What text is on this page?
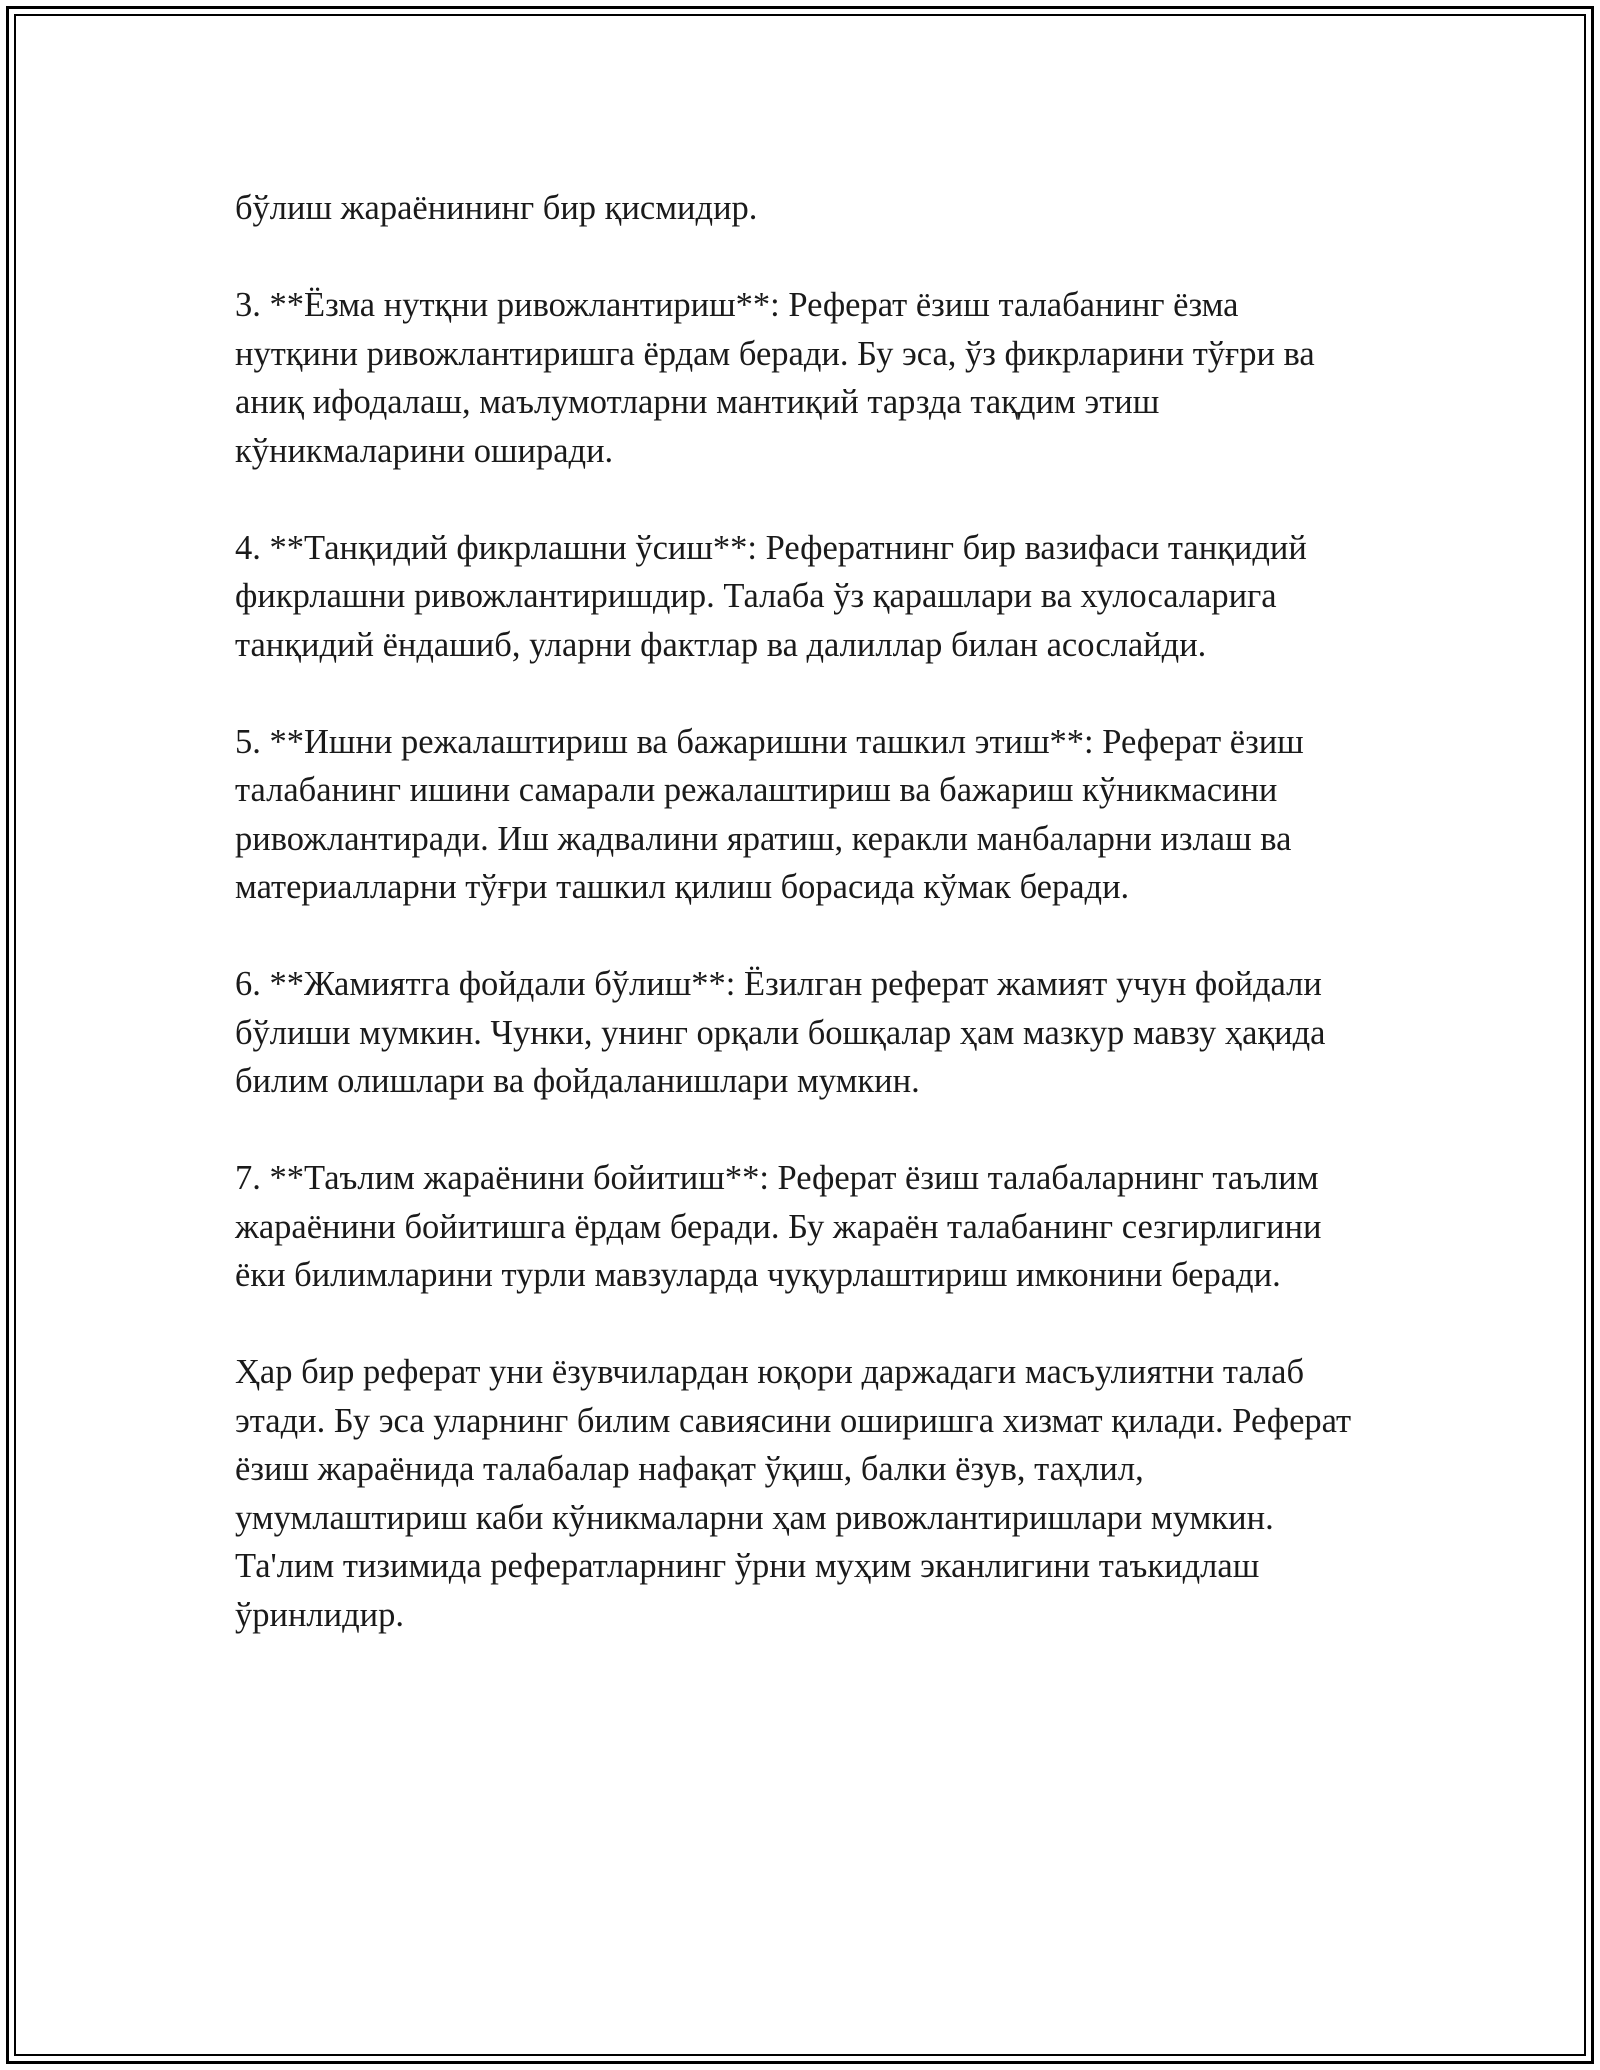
бўлиш жараёнининг бир қисмидир.

3. **Ёзма нутқни ривожлантириш**: Реферат ёзиш талабанинг ёзма нутқини ривожлантиришга ёрдам беради. Бу эса, ўз фикрларини тўғри ва аниқ ифодалаш, маълумотларни мантиқий тарзда тақдим этиш кўникмаларини оширади.

4. **Танқидий фикрлашни ўсиш**: Рефератнинг бир вазифаси танқидий фикрлашни ривожлантиришдир. Талаба ўз қарашлари ва хулосаларига танқидий ёндашиб, уларни фактлар ва далиллар билан асослайди.

5. **Ишни режалаштириш ва бажаришни ташкил этиш**: Реферат ёзиш талабанинг ишини самарали режалаштириш ва бажариш кўникмасини ривожлантиради. Иш жадвалини яратиш, керакли манбаларни излаш ва материалларни тўғри ташкил қилиш борасида кўмак беради.

6. **Жамиятга фойдали бўлиш**: Ёзилган реферат жамият учун фойдали бўлиши мумкин. Чунки, унинг орқали бошқалар ҳам мазкур мавзу ҳақида билим олишлари ва фойдаланишлари мумкин.

7. **Таълим жараёнини бойитиш**: Реферат ёзиш талабаларнинг таълим жараёнини бойитишга ёрдам беради. Бу жараён талабанинг сезгирлигини ёки билимларини турли мавзуларда чуқурлаштириш имконини беради.

Ҳар бир реферат уни ёзувчилардан юқори даржадаги масъулиятни талаб этади. Бу эса уларнинг билим савиясини оширишга хизмат қилади. Реферат ёзиш жараёнида талабалар нафақат ўқиш, балки ёзув, таҳлил, умумлаштириш каби кўникмаларни ҳам ривожлантиришлари мумкин. Та'лим тизимида рефератларнинг ўрни муҳим эканлигини таъкидлаш ўринлидир.
